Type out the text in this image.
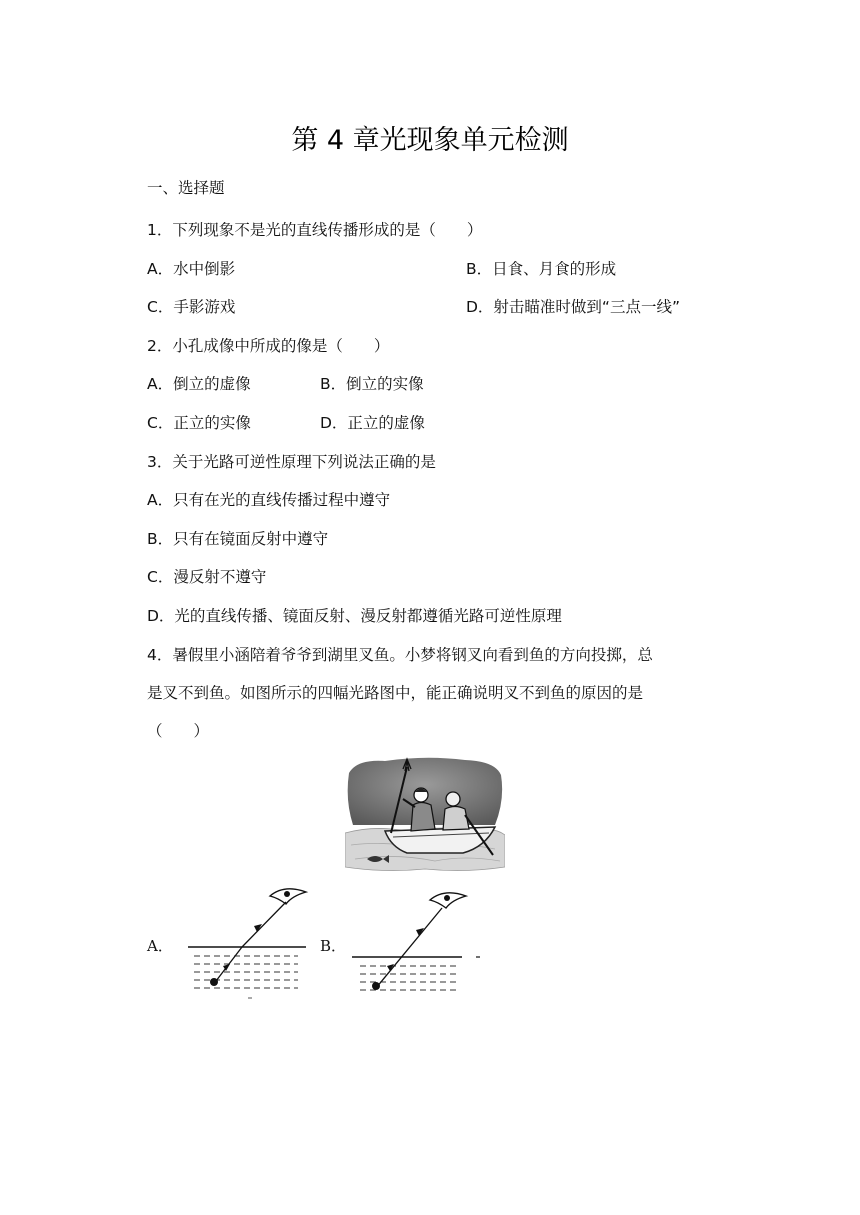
第 4 章光现象单元检测
一、选择题
1．下列现象不是光的直线传播形成的是（　　）
A．水中倒影	B．日食、月食的形成
C．手影游戏	D．射击瞄准时做到“三点一线”
2．小孔成像中所成的像是（　　）
A．倒立的虚像	B．倒立的实像
C．正立的实像	D．正立的虚像
3．关于光路可逆性原理下列说法正确的是
A．只有在光的直线传播过程中遵守
B．只有在镜面反射中遵守
C．漫反射不遵守
D．光的直线传播、镜面反射、漫反射都遵循光路可逆性原理
4．暑假里小涵陪着爷爷到湖里叉鱼。小梦将钢叉向看到鱼的方向投掷，总
是叉不到鱼。如图所示的四幅光路图中，能正确说明叉不到鱼的原因的是
（　　）
A．	B．
